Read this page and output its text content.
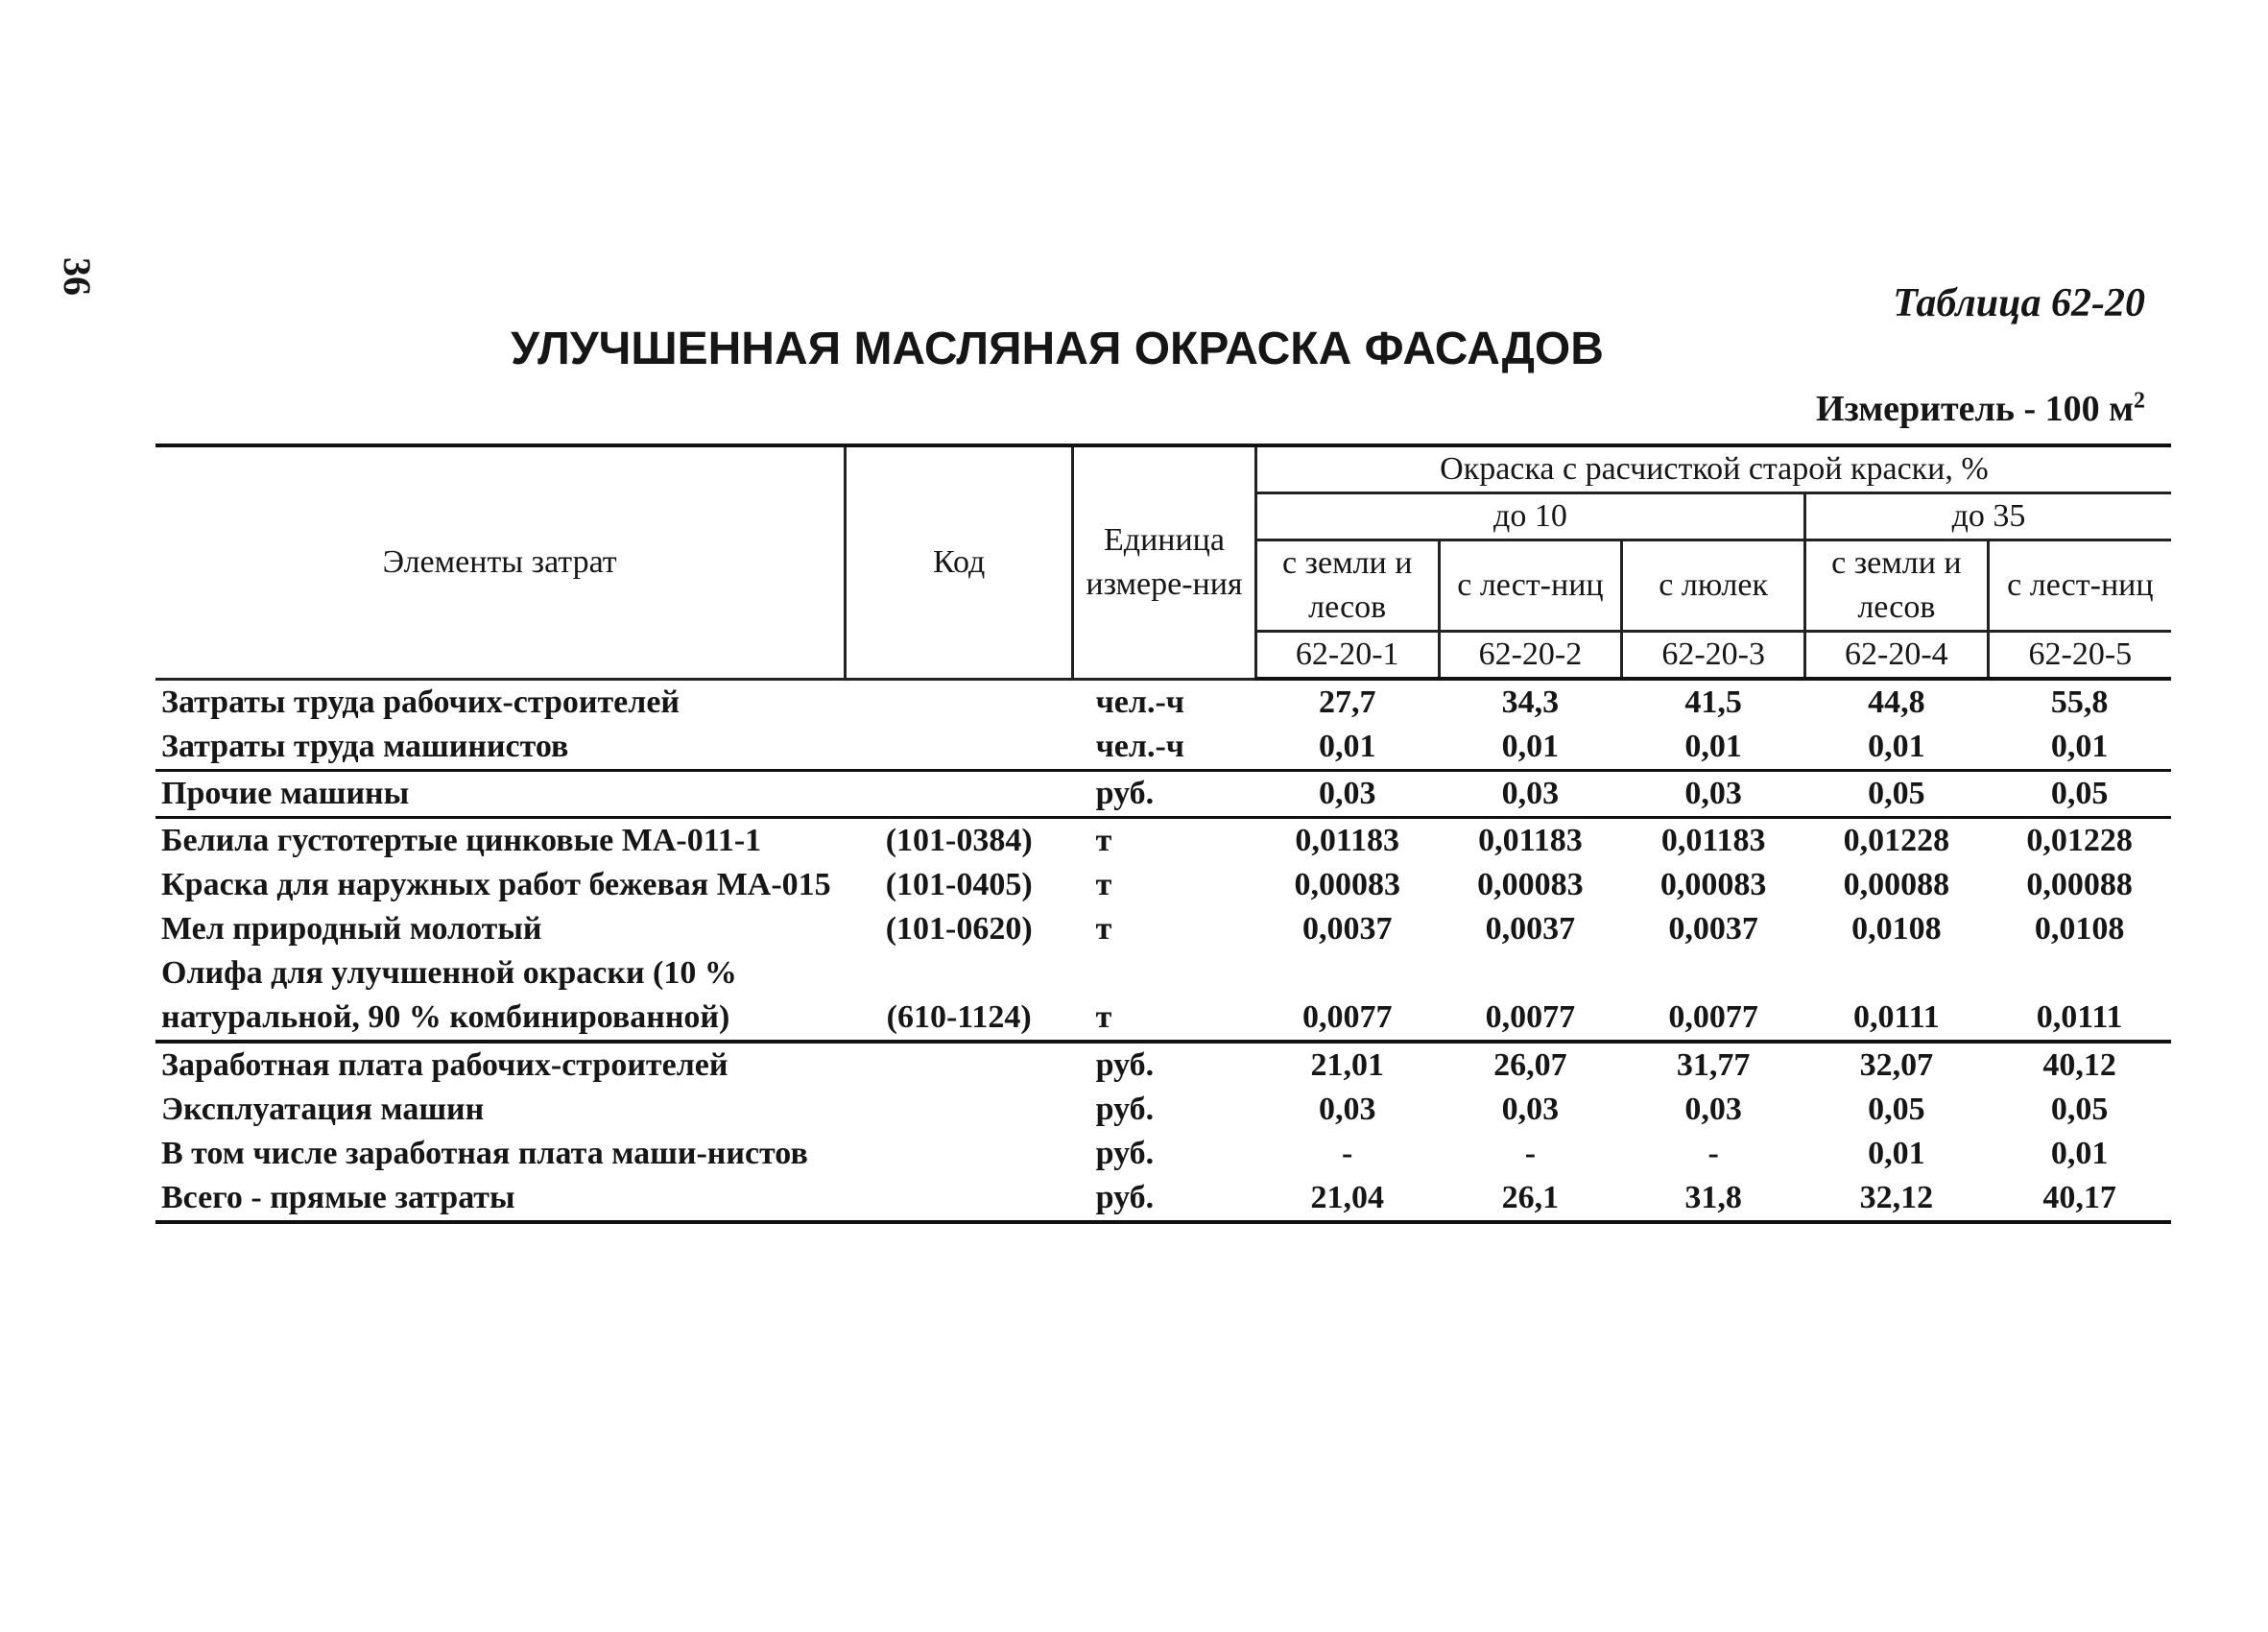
36
Таблица 62-20
УЛУЧШЕННАЯ МАСЛЯНАЯ ОКРАСКА ФАСАДОВ
Измеритель - 100 $м^2$
Элементы затрат	Код	Единица измере-ния	Окраска с расчисткой старой краски, %				
			до 10			до 35	
			с земли и лесов	с лест-ниц	с люлек	с земли и лесов	с лест-ниц
			62-20-1	62-20-2	62-20-3	62-20-4	62-20-5
Затраты труда рабочих-строителей		чел.-ч	27,7	34,3	41,5	44,8	55,8
Затраты труда машинистов		чел.-ч	0,01	0,01	0,01	0,01	0,01
Прочие машины		руб.	0,03	0,03	0,03	0,05	0,05
Белила густотертые цинковые МА-011-1	(101-0384)	т	0,01183	0,01183	0,01183	0,01228	0,01228
Краска для наружных работ бежевая МА-015	(101-0405)	т	0,00083	0,00083	0,00083	0,00088	0,00088
Мел природный молотый	(101-0620)	т	0,0037	0,0037	0,0037	0,0108	0,0108
Олифа для улучшенной окраски (10 % натуральной, 90 % комбинированной)	(610-1124)	т	0,0077	0,0077	0,0077	0,0111	0,0111
Заработная плата рабочих-строителей		руб.	21,01	26,07	31,77	32,07	40,12
Эксплуатация машин		руб.	0,03	0,03	0,03	0,05	0,05
В том числе заработная плата маши-нистов		руб.	-	-	-	0,01	0,01
Всего - прямые затраты		руб.	21,04	26,1	31,8	32,12	40,17
